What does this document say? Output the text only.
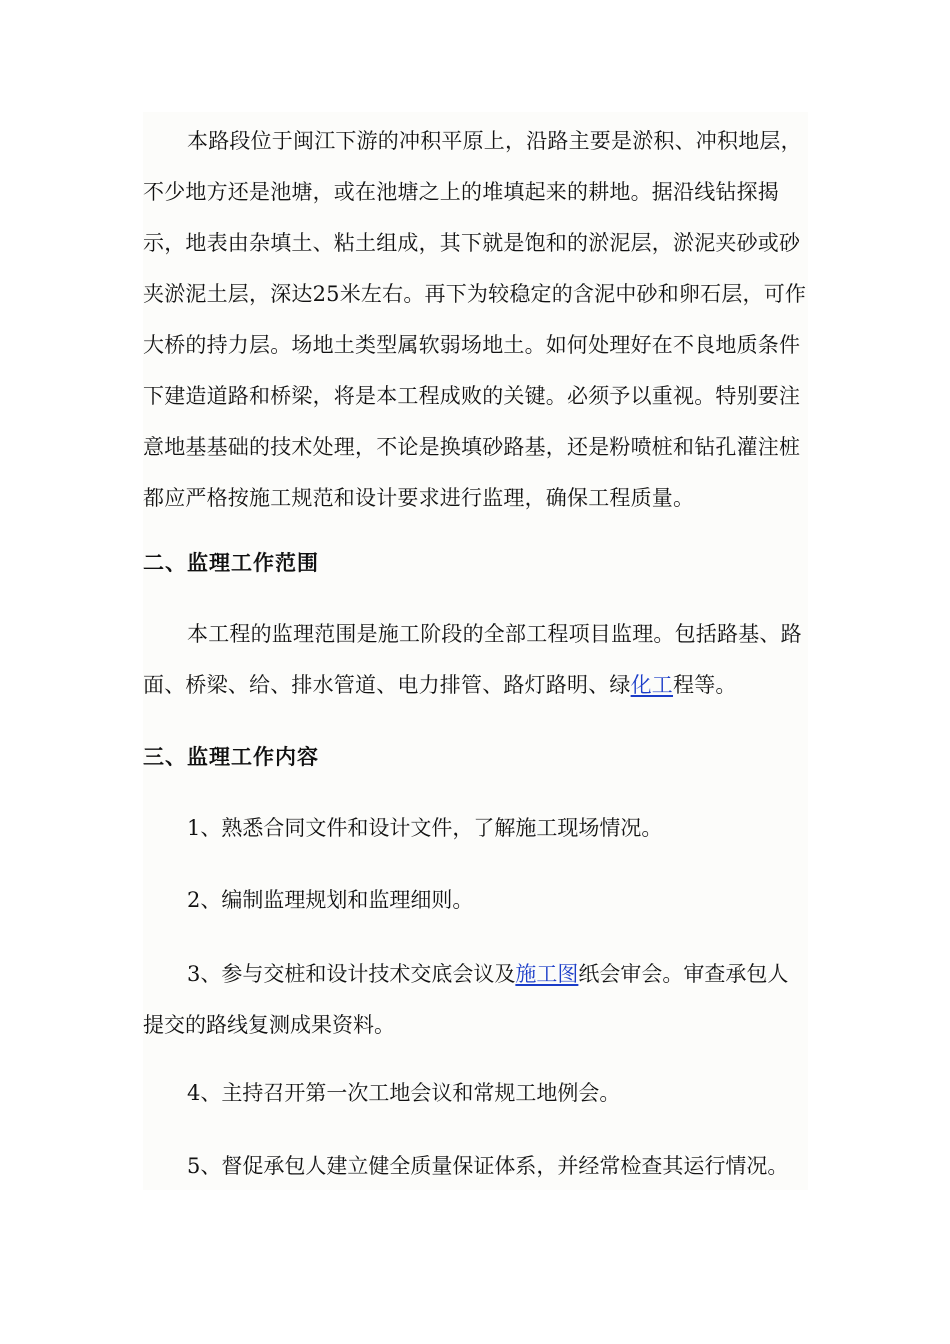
本路段位于闽江下游的冲积平原上，沿路主要是淤积、冲积地层，不少地方还是池塘，或在池塘之上的堆填起来的耕地。据沿线钻探揭示，地表由杂填土、粘土组成，其下就是饱和的淤泥层，淤泥夹砂或砂夹淤泥土层，深达25米左右。再下为较稳定的含泥中砂和卵石层，可作大桥的持力层。场地土类型属软弱场地土。如何处理好在不良地质条件下建造道路和桥梁，将是本工程成败的关键。必须予以重视。特别要注意地基基础的技术处理，不论是换填砂路基，还是粉喷桩和钻孔灌注桩都应严格按施工规范和设计要求进行监理，确保工程质量。

二、监理工作范围

本工程的监理范围是施工阶段的全部工程项目监理。包括路基、路面、桥梁、给、排水管道、电力排管、路灯路明、绿化工程等。

三、监理工作内容

1、熟悉合同文件和设计文件，了解施工现场情况。

2、编制监理规划和监理细则。

3、参与交桩和设计技术交底会议及施工图纸会审会。审查承包人提交的路线复测成果资料。

4、主持召开第一次工地会议和常规工地例会。

5、督促承包人建立健全质量保证体系，并经常检查其运行情况。
